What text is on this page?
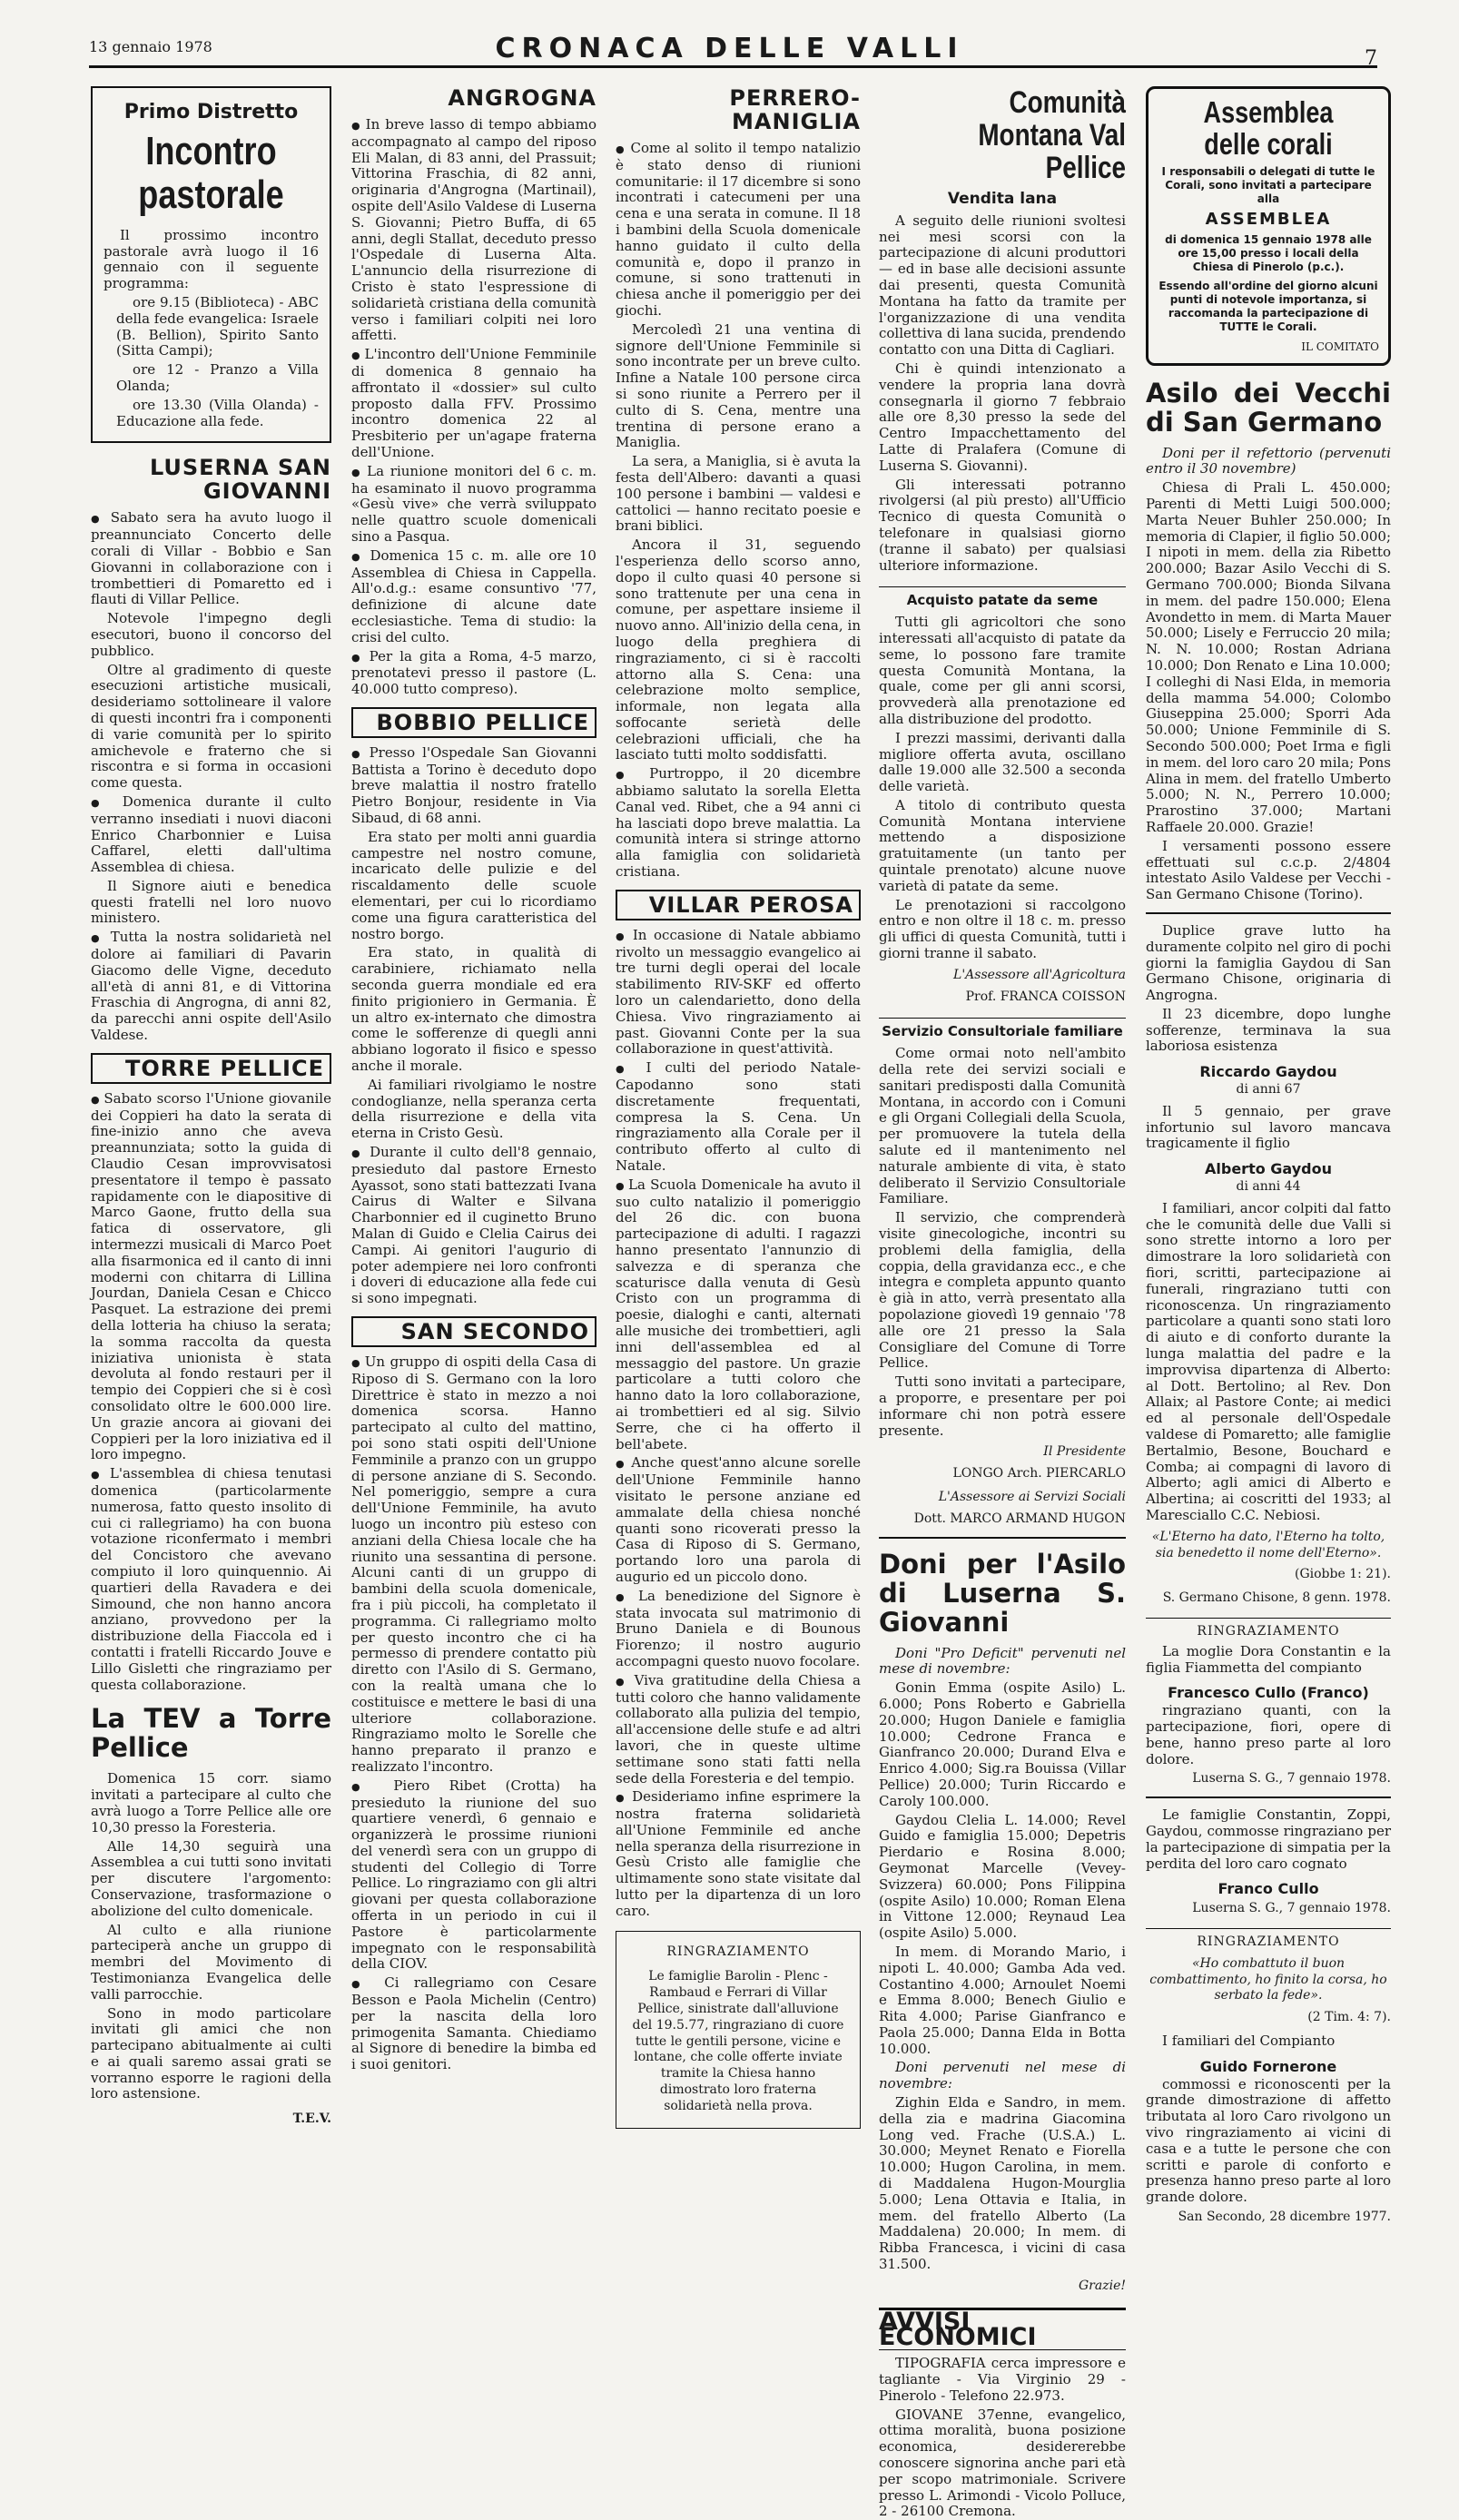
13 gennaio 1978	CRONACA DELLE VALLI	7
Primo Distretto
Incontro pastorale

Il prossimo incontro pastorale avrà luogo il 16 gennaio con il seguente programma:

ore 9.15 (Biblioteca) - ABC della fede evangelica: Israele (B. Bellion), Spirito Santo (Sitta Campi);

ore 12 - Pranzo a Villa Olanda;

ore 13.30 (Villa Olanda) - Educazione alla fede.

LUSERNA SAN GIOVANNI

● Sabato sera ha avuto luogo il preannunciato Concerto delle corali di Villar - Bobbio e San Giovanni in collaborazione con i trombettieri di Pomaretto ed i flauti di Villar Pellice.

Notevole l'impegno degli esecutori, buono il concorso del pubblico.

Oltre al gradimento di queste esecuzioni artistiche musicali, desideriamo sottolineare il valore di questi incontri fra i componenti di varie comunità per lo spirito amichevole e fraterno che si riscontra e si forma in occasioni come questa.

● Domenica durante il culto verranno insediati i nuovi diaconi Enrico Charbonnier e Luisa Caffarel, eletti dall'ultima Assemblea di chiesa.

Il Signore aiuti e benedica questi fratelli nel loro nuovo ministero.

● Tutta la nostra solidarietà nel dolore ai familiari di Pavarin Giacomo delle Vigne, deceduto all'età di anni 81, e di Vittorina Fraschia di Angrogna, di anni 82, da parecchi anni ospite dell'Asilo Valdese.

TORRE PELLICE

● Sabato scorso l'Unione giovanile dei Coppieri ha dato la serata di fine-inizio anno che aveva preannunziata; sotto la guida di Claudio Cesan improvvisatosi presentatore il tempo è passato rapidamente con le diapositive di Marco Gaone, frutto della sua fatica di osservatore, gli intermezzi musicali di Marco Poet alla fisarmonica ed il canto di inni moderni con chitarra di Lillina Jourdan, Daniela Cesan e Chicco Pasquet. La estrazione dei premi della lotteria ha chiuso la serata; la somma raccolta da questa iniziativa unionista è stata devoluta al fondo restauri per il tempio dei Coppieri che si è così consolidato oltre le 600.000 lire. Un grazie ancora ai giovani dei Coppieri per la loro iniziativa ed il loro impegno.

● L'assemblea di chiesa tenutasi domenica (particolarmente numerosa, fatto questo insolito di cui ci rallegriamo) ha con buona votazione riconfermato i membri del Concistoro che avevano compiuto il loro quinquennio. Ai quartieri della Ravadera e dei Simound, che non hanno ancora anziano, provvedono per la distribuzione della Fiaccola ed i contatti i fratelli Riccardo Jouve e Lillo Gisletti che ringraziamo per questa collaborazione.

La TEV a Torre Pellice

Domenica 15 corr. siamo invitati a partecipare al culto che avrà luogo a Torre Pellice alle ore 10,30 presso la Foresteria.

Alle 14,30 seguirà una Assemblea a cui tutti sono invitati per discutere l'argomento: Conservazione, trasformazione o abolizione del culto domenicale.

Al culto e alla riunione parteciperà anche un gruppo di membri del Movimento di Testimonianza Evangelica delle valli parrocchie.

Sono in modo particolare invitati gli amici che non partecipano abitualmente ai culti e ai quali saremo assai grati se vorranno esporre le ragioni della loro astensione.

T.E.V.
ANGROGNA

● In breve lasso di tempo abbiamo accompagnato al campo del riposo Eli Malan, di 83 anni, del Prassuit; Vittorina Fraschia, di 82 anni, originaria d'Angrogna (Martinail), ospite dell'Asilo Valdese di Luserna S. Giovanni; Pietro Buffa, di 65 anni, degli Stallat, deceduto presso l'Ospedale di Luserna Alta. L'annuncio della risurrezione di Cristo è stato l'espressione di solidarietà cristiana della comunità verso i familiari colpiti nei loro affetti.

● L'incontro dell'Unione Femminile di domenica 8 gennaio ha affrontato il «dossier» sul culto proposto dalla FFV. Prossimo incontro domenica 22 al Presbiterio per un'agape fraterna dell'Unione.

● La riunione monitori del 6 c. m. ha esaminato il nuovo programma «Gesù vive» che verrà sviluppato nelle quattro scuole domenicali sino a Pasqua.

● Domenica 15 c. m. alle ore 10 Assemblea di Chiesa in Cappella. All'o.d.g.: esame consuntivo '77, definizione di alcune date ecclesiastiche. Tema di studio: la crisi del culto.

● Per la gita a Roma, 4-5 marzo, prenotatevi presso il pastore (L. 40.000 tutto compreso).

BOBBIO PELLICE

● Presso l'Ospedale San Giovanni Battista a Torino è deceduto dopo breve malattia il nostro fratello Pietro Bonjour, residente in Via Sibaud, di 68 anni.

Era stato per molti anni guardia campestre nel nostro comune, incaricato delle pulizie e del riscaldamento delle scuole elementari, per cui lo ricordiamo come una figura caratteristica del nostro borgo.

Era stato, in qualità di carabiniere, richiamato nella seconda guerra mondiale ed era finito prigioniero in Germania. È un altro ex-internato che dimostra come le sofferenze di quegli anni abbiano logorato il fisico e spesso anche il morale.

Ai familiari rivolgiamo le nostre condoglianze, nella speranza certa della risurrezione e della vita eterna in Cristo Gesù.

● Durante il culto dell'8 gennaio, presieduto dal pastore Ernesto Ayassot, sono stati battezzati Ivana Cairus di Walter e Silvana Charbonnier ed il cuginetto Bruno Malan di Guido e Clelia Cairus dei Campi. Ai genitori l'augurio di poter adempiere nei loro confronti i doveri di educazione alla fede cui si sono impegnati.

SAN SECONDO

● Un gruppo di ospiti della Casa di Riposo di S. Germano con la loro Direttrice è stato in mezzo a noi domenica scorsa. Hanno partecipato al culto del mattino, poi sono stati ospiti dell'Unione Femminile a pranzo con un gruppo di persone anziane di S. Secondo. Nel pomeriggio, sempre a cura dell'Unione Femminile, ha avuto luogo un incontro più esteso con anziani della Chiesa locale che ha riunito una sessantina di persone. Alcuni canti di un gruppo di bambini della scuola domenicale, fra i più piccoli, ha completato il programma. Ci rallegriamo molto per questo incontro che ci ha permesso di prendere contatto più diretto con l'Asilo di S. Germano, con la realtà umana che lo costituisce e mettere le basi di una ulteriore collaborazione. Ringraziamo molto le Sorelle che hanno preparato il pranzo e realizzato l'incontro.

● Piero Ribet (Crotta) ha presieduto la riunione del suo quartiere venerdì, 6 gennaio e organizzerà le prossime riunioni del venerdì sera con un gruppo di studenti del Collegio di Torre Pellice. Lo ringraziamo con gli altri giovani per questa collaborazione offerta in un periodo in cui il Pastore è particolarmente impegnato con le responsabilità della CIOV.

● Ci rallegriamo con Cesare Besson e Paola Michelin (Centro) per la nascita della loro primogenita Samanta. Chiediamo al Signore di benedire la bimba ed i suoi genitori.

PERRERO-MANIGLIA

● Come al solito il tempo natalizio è stato denso di riunioni comunitarie: il 17 dicembre si sono incontrati i catecumeni per una cena e una serata in comune. Il 18 i bambini della Scuola domenicale hanno guidato il culto della comunità e, dopo il pranzo in comune, si sono trattenuti in chiesa anche il pomeriggio per dei giochi.

Mercoledì 21 una ventina di signore dell'Unione Femminile si sono incontrate per un breve culto. Infine a Natale 100 persone circa si sono riunite a Perrero per il culto di S. Cena, mentre una trentina di persone erano a Maniglia.

La sera, a Maniglia, si è avuta la festa dell'Albero: davanti a quasi 100 persone i bambini — valdesi e cattolici — hanno recitato poesie e brani biblici.

Ancora il 31, seguendo l'esperienza dello scorso anno, dopo il culto quasi 40 persone si sono trattenute per una cena in comune, per aspettare insieme il nuovo anno. All'inizio della cena, in luogo della preghiera di ringraziamento, ci si è raccolti attorno alla S. Cena: una celebrazione molto semplice, informale, non legata alla soffocante serietà delle celebrazioni ufficiali, che ha lasciato tutti molto soddisfatti.

● Purtroppo, il 20 dicembre abbiamo salutato la sorella Eletta Canal ved. Ribet, che a 94 anni ci ha lasciati dopo breve malattia. La comunità intera si stringe attorno alla famiglia con solidarietà cristiana.

VILLAR PEROSA

● In occasione di Natale abbiamo rivolto un messaggio evangelico ai tre turni degli operai del locale stabilimento RIV-SKF ed offerto loro un calendarietto, dono della Chiesa. Vivo ringraziamento ai past. Giovanni Conte per la sua collaborazione in quest'attività.

● I culti del periodo Natale-Capodanno sono stati discretamente frequentati, compresa la S. Cena. Un ringraziamento alla Corale per il contributo offerto al culto di Natale.

● La Scuola Domenicale ha avuto il suo culto natalizio il pomeriggio del 26 dic. con buona partecipazione di adulti. I ragazzi hanno presentato l'annunzio di salvezza e di speranza che scaturisce dalla venuta di Gesù Cristo con un programma di poesie, dialoghi e canti, alternati alle musiche dei trombettieri, agli inni dell'assemblea ed al messaggio del pastore. Un grazie particolare a tutti coloro che hanno dato la loro collaborazione, ai trombettieri ed al sig. Silvio Serre, che ci ha offerto il bell'abete.

● Anche quest'anno alcune sorelle dell'Unione Femminile hanno visitato le persone anziane ed ammalate della chiesa nonché quanti sono ricoverati presso la Casa di Riposo di S. Germano, portando loro una parola di augurio ed un piccolo dono.

● La benedizione del Signore è stata invocata sul matrimonio di Bruno Daniela e di Bounous Fiorenzo; il nostro augurio accompagni questo nuovo focolare.

● Viva gratitudine della Chiesa a tutti coloro che hanno validamente collaborato alla pulizia del tempio, all'accensione delle stufe e ad altri lavori, che in queste ultime settimane sono stati fatti nella sede della Foresteria e del tempio.

● Desideriamo infine esprimere la nostra fraterna solidarietà all'Unione Femminile ed anche nella speranza della risurrezione in Gesù Cristo alle famiglie che ultimamente sono state visitate dal lutto per la dipartenza di un loro caro.

RINGRAZIAMENTO
Le famiglie Barolin - Plenc - Rambaud e Ferrari di Villar Pellice, sinistrate dall'alluvione del 19.5.77, ringraziano di cuore tutte le gentili persone, vicine e lontane, che colle offerte inviate tramite la Chiesa hanno dimostrato loro fraterna solidarietà nella prova.
Comunità Montana Val Pellice
Vendita lana

A seguito delle riunioni svoltesi nei mesi scorsi con la partecipazione di alcuni produttori — ed in base alle decisioni assunte dai presenti, questa Comunità Montana ha fatto da tramite per l'organizzazione di una vendita collettiva di lana sucida, prendendo contatto con una Ditta di Cagliari.

Chi è quindi intenzionato a vendere la propria lana dovrà consegnarla il giorno 7 febbraio alle ore 8,30 presso la sede del Centro Impacchettamento del Latte di Pralafera (Comune di Luserna S. Giovanni).

Gli interessati potranno rivolgersi (al più presto) all'Ufficio Tecnico di questa Comunità o telefonare in qualsiasi giorno (tranne il sabato) per qualsiasi ulteriore informazione.

Acquisto patate da seme

Tutti gli agricoltori che sono interessati all'acquisto di patate da seme, lo possono fare tramite questa Comunità Montana, la quale, come per gli anni scorsi, provvederà alla prenotazione ed alla distribuzione del prodotto.

I prezzi massimi, derivanti dalla migliore offerta avuta, oscillano dalle 19.000 alle 32.500 a seconda delle varietà.

A titolo di contributo questa Comunità Montana interviene mettendo a disposizione gratuitamente (un tanto per quintale prenotato) alcune nuove varietà di patate da seme.

Le prenotazioni si raccolgono entro e non oltre il 18 c. m. presso gli uffici di questa Comunità, tutti i giorni tranne il sabato.

L'Assessore all'Agricoltura
Prof. FRANCA COISSON
Servizio Consultoriale familiare

Come ormai noto nell'ambito della rete dei servizi sociali e sanitari predisposti dalla Comunità Montana, in accordo con i Comuni e gli Organi Collegiali della Scuola, per promuovere la tutela della salute ed il mantenimento nel naturale ambiente di vita, è stato deliberato il Servizio Consultoriale Familiare.

Il servizio, che comprenderà visite ginecologiche, incontri su problemi della famiglia, della coppia, della gravidanza ecc., e che integra e completa appunto quanto è già in atto, verrà presentato alla popolazione giovedì 19 gennaio '78 alle ore 21 presso la Sala Consigliare del Comune di Torre Pellice.

Tutti sono invitati a partecipare, a proporre, e presentare per poi informare chi non potrà essere presente.

Il Presidente
LONGO Arch. PIERCARLO
L'Assessore ai Servizi Sociali
Dott. MARCO ARMAND HUGON
Doni per l'Asilo di Luserna S. Giovanni

Doni "Pro Deficit" pervenuti nel mese di novembre:

Gonin Emma (ospite Asilo) L. 6.000; Pons Roberto e Gabriella 20.000; Hugon Daniele e famiglia 10.000; Cedrone Franca e Gianfranco 20.000; Durand Elva e Enrico 4.000; Sig.ra Bouissa (Villar Pellice) 20.000; Turin Riccardo e Caroly 100.000.

Gaydou Clelia L. 14.000; Revel Guido e famiglia 15.000; Depetris Pierdario e Rosina 8.000; Geymonat Marcelle (Vevey-Svizzera) 60.000; Pons Filippina (ospite Asilo) 10.000; Roman Elena in Vittone 12.000; Reynaud Lea (ospite Asilo) 5.000.

In mem. di Morando Mario, i nipoti L. 40.000; Gamba Ada ved. Costantino 4.000; Arnoulet Noemi e Emma 8.000; Benech Giulio e Rita 4.000; Parise Gianfranco e Paola 25.000; Danna Elda in Botta 10.000.

Doni pervenuti nel mese di novembre:

Zighin Elda e Sandro, in mem. della zia e madrina Giacomina Long ved. Frache (U.S.A.) L. 30.000; Meynet Renato e Fiorella 10.000; Hugon Carolina, in mem. di Maddalena Hugon-Mourglia 5.000; Lena Ottavia e Italia, in mem. del fratello Alberto (La Maddalena) 20.000; In mem. di Ribba Francesca, i vicini di casa 31.500.

Grazie!
AVVISI ECONOMICI

TIPOGRAFIA cerca impressore e tagliante - Via Virginio 29 - Pinerolo - Telefono 22.973.

GIOVANE 37enne, evangelico, ottima moralità, buona posizione economica, desidererebbe conoscere signorina anche pari età per scopo matrimoniale. Scrivere presso L. Arimondi - Vicolo Polluce, 2 - 26100 Cremona.

Assemblea delle corali
I responsabili o delegati di tutte le Corali, sono invitati a partecipare alla
ASSEMBLEA
di domenica 15 gennaio 1978 alle ore 15,00 presso i locali della Chiesa di Pinerolo (p.c.).
Essendo all'ordine del giorno alcuni punti di notevole importanza, si raccomanda la partecipazione di TUTTE le Corali.
IL COMITATO
Asilo dei Vecchi di San Germano

Doni per il refettorio (pervenuti entro il 30 novembre)

Chiesa di Prali L. 450.000; Parenti di Metti Luigi 500.000; Marta Neuer Buhler 250.000; In memoria di Clapier, il figlio 50.000; I nipoti in mem. della zia Ribetto 200.000; Bazar Asilo Vecchi di S. Germano 700.000; Bionda Silvana in mem. del padre 150.000; Elena Avondetto in mem. di Marta Mauer 50.000; Lisely e Ferruccio 20 mila; N. N. 10.000; Rostan Adriana 10.000; Don Renato e Lina 10.000; I colleghi di Nasi Elda, in memoria della mamma 54.000; Colombo Giuseppina 25.000; Sporri Ada 50.000; Unione Femminile di S. Secondo 500.000; Poet Irma e figli in mem. del loro caro 20 mila; Pons Alina in mem. del fratello Umberto 5.000; N. N., Perrero 10.000; Prarostino 37.000; Martani Raffaele 20.000. Grazie!

I versamenti possono essere effettuati sul c.c.p. 2/4804 intestato Asilo Valdese per Vecchi - San Germano Chisone (Torino).

Duplice grave lutto ha duramente colpito nel giro di pochi giorni la famiglia Gaydou di San Germano Chisone, originaria di Angrogna.

Il 23 dicembre, dopo lunghe sofferenze, terminava la sua laboriosa esistenza

Riccardo Gaydou
di anni 67

Il 5 gennaio, per grave infortunio sul lavoro mancava tragicamente il figlio

Alberto Gaydou
di anni 44

I familiari, ancor colpiti dal fatto che le comunità delle due Valli si sono strette intorno a loro per dimostrare la loro solidarietà con fiori, scritti, partecipazione ai funerali, ringraziano tutti con riconoscenza. Un ringraziamento particolare a quanti sono stati loro di aiuto e di conforto durante la lunga malattia del padre e la improvvisa dipartenza di Alberto: al Dott. Bertolino; al Rev. Don Allaix; al Pastore Conte; ai medici ed al personale dell'Ospedale valdese di Pomaretto; alle famiglie Bertalmio, Besone, Bouchard e Comba; ai compagni di lavoro di Alberto; agli amici di Alberto e Albertina; ai coscritti del 1933; al Maresciallo C.C. Nebiosi.

«L'Eterno ha dato, l'Eterno ha tolto, sia benedetto il nome dell'Eterno».
(Giobbe 1: 21).
S. Germano Chisone, 8 genn. 1978.
RINGRAZIAMENTO

La moglie Dora Constantin e la figlia Fiammetta del compianto

Francesco Cullo (Franco)

ringraziano quanti, con la partecipazione, fiori, opere di bene, hanno preso parte al loro dolore.

Luserna S. G., 7 gennaio 1978.

Le famiglie Constantin, Zoppi, Gaydou, commosse ringraziano per la partecipazione di simpatia per la perdita del loro caro cognato

Franco Cullo
Luserna S. G., 7 gennaio 1978.
RINGRAZIAMENTO
«Ho combattuto il buon combattimento, ho finito la corsa, ho serbato la fede».
(2 Tim. 4: 7).

I familiari del Compianto

Guido Fornerone

commossi e riconoscenti per la grande dimostrazione di affetto tributata al loro Caro rivolgono un vivo ringraziamento ai vicini di casa e a tutte le persone che con scritti e parole di conforto e presenza hanno preso parte al loro grande dolore.

San Secondo, 28 dicembre 1977.
